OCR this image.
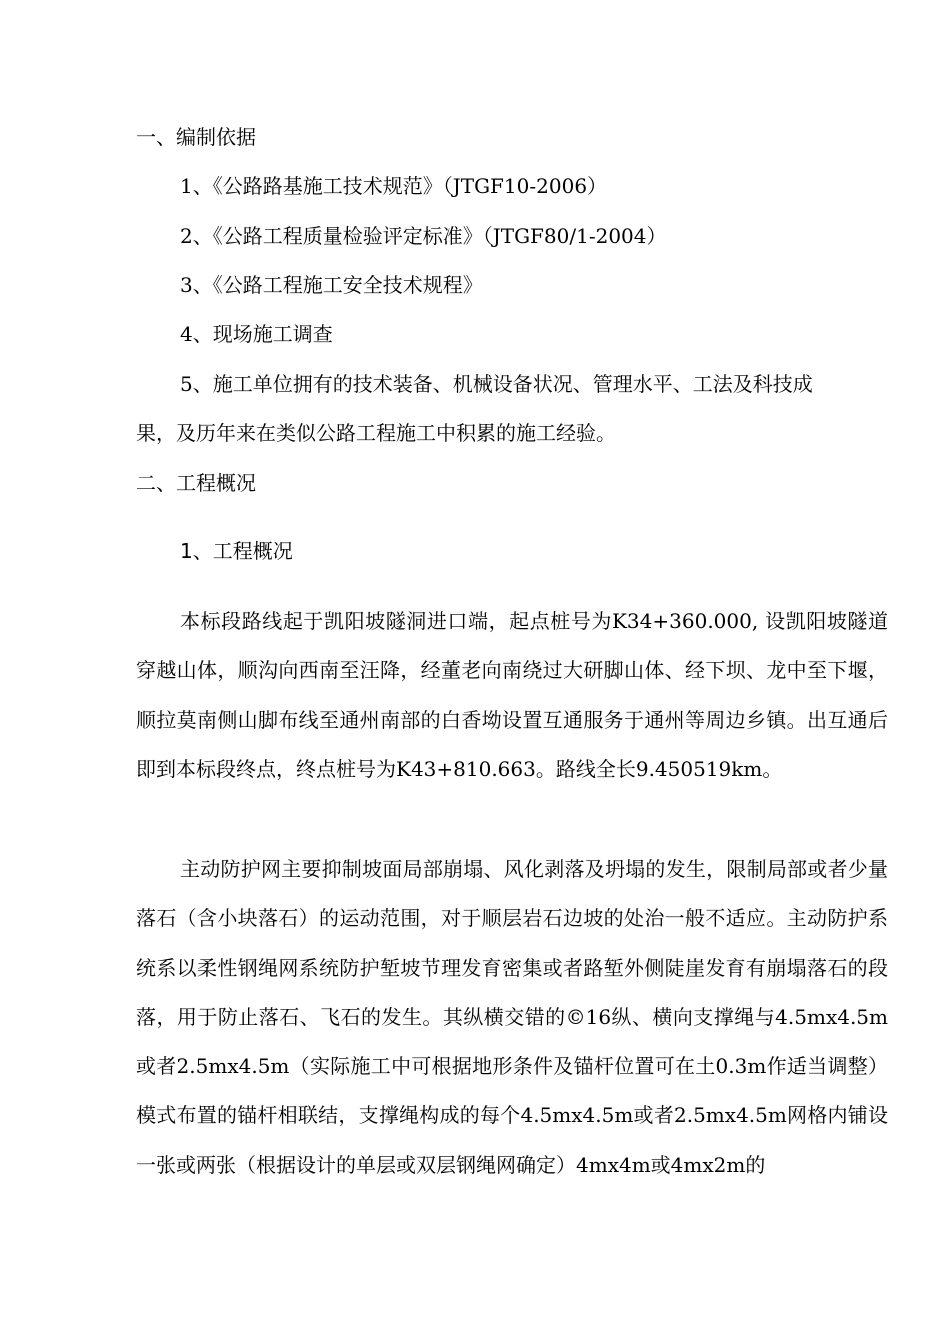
一、编制依据
1、《公路路基施工技术规范》（JTGF10-2006）
2、《公路工程质量检验评定标准》（JTGF80/1-2004）
3、《公路工程施工安全技术规程》
4、现场施工调查
5、施工单位拥有的技术装备、机械设备状况、管理水平、工法及科技成
果，及历年来在类似公路工程施工中积累的施工经验。
二、工程概况
1、工程概况
本标段路线起于凯阳坡隧洞进口端，起点桩号为K34+360.000, 设凯阳坡隧道穿越山体，顺沟向西南至汪降，经董老向南绕过大研脚山体、经下坝、龙中至下堰，顺拉莫南侧山脚布线至通州南部的白香坳设置互通服务于通州等周边乡镇。出互通后即到本标段终点，终点桩号为K43+810.663。路线全长9.450519km。
主动防护网主要抑制坡面局部崩塌、风化剥落及坍塌的发生，限制局部或者少量落石（含小块落石）的运动范围，对于顺层岩石边坡的处治一般不适应。主动防护系统系以柔性钢绳网系统防护堑坡节理发育密集或者路堑外侧陡崖发育有崩塌落石的段落，用于防止落石、飞石的发生。其纵横交错的©16纵、横向支撑绳与4.5mx4.5m或者2.5mx4.5m（实际施工中可根据地形条件及锚杆位置可在土0.3m作适当调整）模式布置的锚杆相联结，支撑绳构成的每个4.5mx4.5m或者2.5mx4.5m网格内铺设一张或两张（根据设计的单层或双层钢绳网确定）4mx4m或4mx2m的
